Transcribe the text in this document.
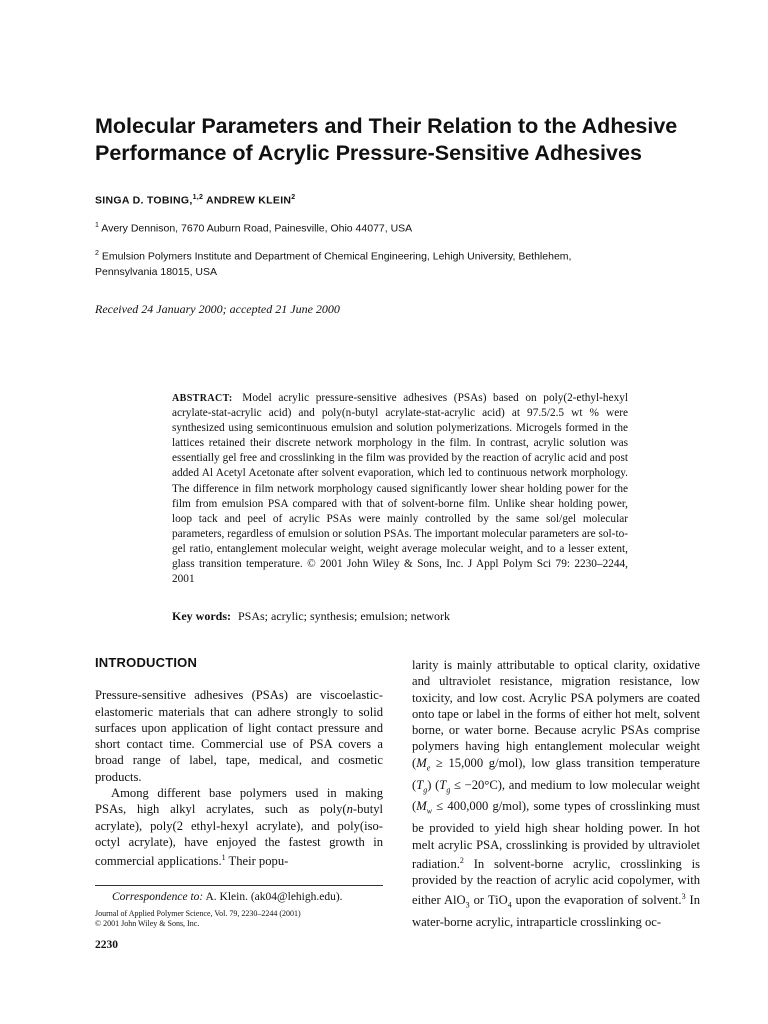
Molecular Parameters and Their Relation to the Adhesive
Performance of Acrylic Pressure-Sensitive Adhesives
SINGA D. TOBING,$^{1,2}$ ANDREW KLEIN$^2$
$^1$ Avery Dennison, 7670 Auburn Road, Painesville, Ohio 44077, USA
$^2$ Emulsion Polymers Institute and Department of Chemical Engineering, Lehigh University, Bethlehem, Pennsylvania 18015, USA
Received 24 January 2000; accepted 21 June 2000
ABSTRACT: Model acrylic pressure-sensitive adhesives (PSAs) based on poly(2-ethyl-hexyl acrylate-stat-acrylic acid) and poly(n-butyl acrylate-stat-acrylic acid) at 97.5/2.5 wt % were synthesized using semicontinuous emulsion and solution polymerizations. Microgels formed in the lattices retained their discrete network morphology in the film. In contrast, acrylic solution was essentially gel free and crosslinking in the film was provided by the reaction of acrylic acid and post added Al Acetyl Acetonate after solvent evaporation, which led to continuous network morphology. The difference in film network morphology caused significantly lower shear holding power for the film from emulsion PSA compared with that of solvent-borne film. Unlike shear holding power, loop tack and peel of acrylic PSAs were mainly controlled by the same sol/gel molecular parameters, regardless of emulsion or solution PSAs. The important molecular parameters are sol-to-gel ratio, entanglement molecular weight, weight average molecular weight, and to a lesser extent, glass transition temperature. © 2001 John Wiley & Sons, Inc. J Appl Polym Sci 79: 2230–2244, 2001
Key words: PSAs; acrylic; synthesis; emulsion; network
INTRODUCTION

Pressure-sensitive adhesives (PSAs) are viscoelastic-elastomeric materials that can adhere strongly to solid surfaces upon application of light contact pressure and short contact time. Commercial use of PSA covers a broad range of label, tape, medical, and cosmetic products.

Among different base polymers used in making PSAs, high alkyl acrylates, such as poly(n-butyl acrylate), poly(2 ethyl-hexyl acrylate), and poly(iso-octyl acrylate), have enjoyed the fastest growth in commercial applications.$^1$ Their popu-

larity is mainly attributable to optical clarity, oxidative and ultraviolet resistance, migration resistance, low toxicity, and low cost. Acrylic PSA polymers are coated onto tape or label in the forms of either hot melt, solvent borne, or water borne. Because acrylic PSAs comprise polymers having high entanglement molecular weight ($M_e \ge 15,000$ g/mol), low glass transition temperature $(T_g) (T_g \le -20^\circ C)$, and medium to low molecular weight ($M_w \le 400,000$ g/mol), some types of crosslinking must be provided to yield high shear holding power. In hot melt acrylic PSA, crosslinking is provided by ultraviolet radiation.$^2$ In solvent-borne acrylic, crosslinking is provided by the reaction of acrylic acid copolymer, with either AlO$_3$ or TiO$_4$ upon the evaporation of solvent.$^3$ In water-borne acrylic, intraparticle crosslinking oc-

Correspondence to: A. Klein. (ak04@lehigh.edu).
Journal of Applied Polymer Science, Vol. 79, 2230–2244 (2001)
© 2001 John Wiley & Sons, Inc.
2230
